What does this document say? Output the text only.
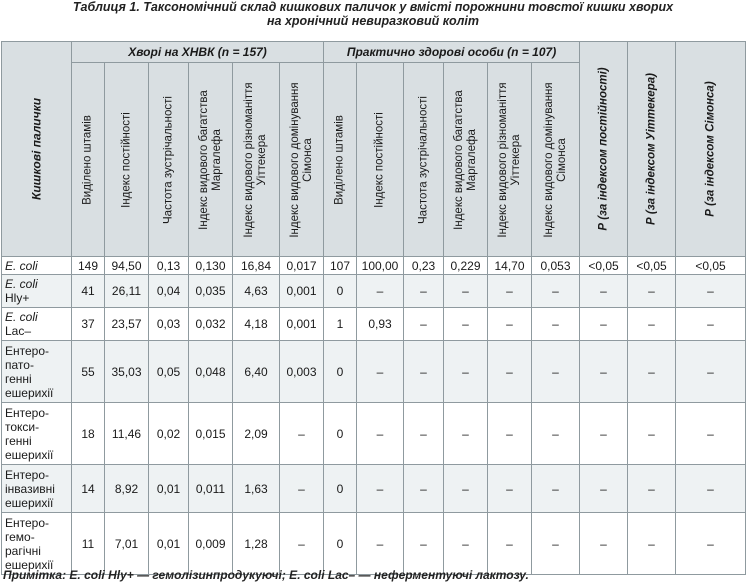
Таблиця 1. Таксономічний склад кишкових паличок у вмісті порожнини товстої кишки хворих
на хронічний невиразковий коліт
Кишкові палички	Хворі на ХНВК (n = 157)						Практично здорові особи (n = 107)						Р (за індексом постійності)	Р (за індексом Уіттекера)	Р (за індексом Сімонса)

	Виділено штамів	Індекс постійності	Частота зустрічальності	Індекс видового багатства Маргалефа	Індекс видового різноманіття Уіттекера	Індекс видового домінування Сімонса	Виділено штамів	Індекс постійності	Частота зустрічальності	Індекс видового багатства Маргалефа	Індекс видового різноманіття Уіттекера	Індекс видового домінування Сімонса			

E. coli	149	94,50	0,13	0,130	16,84	0,017	107	100,00	0,23	0,229	14,70	0,053	<0,05	<0,05	<0,05

E. coli
Hly+	41	26,11	0,04	0,035	4,63	0,001	0	–	–	–	–	–	–	–	–

E. coli
Lac–	37	23,57	0,03	0,032	4,18	0,001	1	0,93	–	–	–	–	–	–	–

Ентеро-
пато-
генні
ешерихії	55	35,03	0,05	0,048	6,40	0,003	0	–	–	–	–	–	–	–	–

Ентеро-
токси-
генні
ешерихії	18	11,46	0,02	0,015	2,09	–	0	–	–	–	–	–	–	–	–

Ентеро-
інвазивні
ешерихії	14	8,92	0,01	0,011	1,63	–	0	–	–	–	–	–	–	–	–

Ентеро-
гемо-
рагічні
ешерихії	11	7,01	0,01	0,009	1,28	–	0	–	–	–	–	–	–	–	–
Примітка: E. coli Hly+ — гемолізинпродукуючі; E. coli Lac– — неферментуючі лактозу.
